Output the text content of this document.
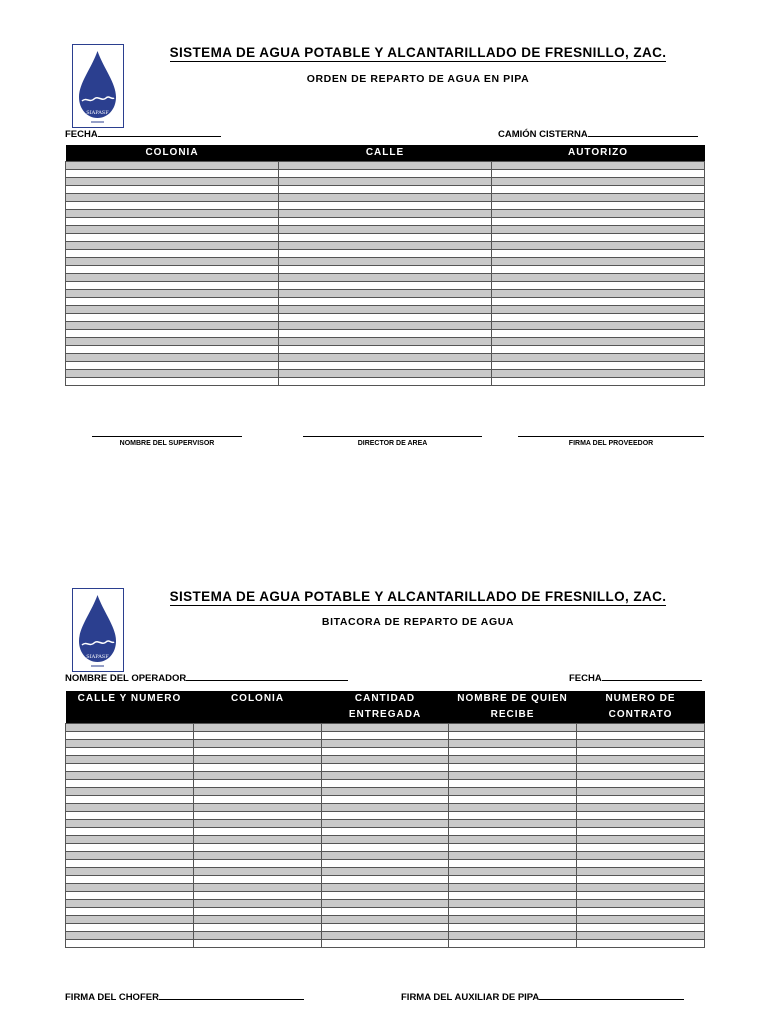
SIAPASF
SISTEMA DE AGUA POTABLE Y ALCANTARILLADO DE FRESNILLO, ZAC.
ORDEN DE REPARTO DE AGUA EN PIPA
FECHA	CAMIÓN CISTERNA
COLONIA	CALLE	AUTORIZO

NOMBRE DEL SUPERVISOR	DIRECTOR DE AREA	FIRMA DEL PROVEEDOR
SIAPASF
SISTEMA DE AGUA POTABLE Y ALCANTARILLADO DE FRESNILLO, ZAC.
BITACORA DE REPARTO DE AGUA
NOMBRE DEL OPERADOR	FECHA
CALLE Y NUMERO	COLONIA	CANTIDAD ENTREGADA	NOMBRE DE QUIEN RECIBE	NUMERO DE CONTRATO

FIRMA DEL CHOFER	FIRMA DEL AUXILIAR DE PIPA
